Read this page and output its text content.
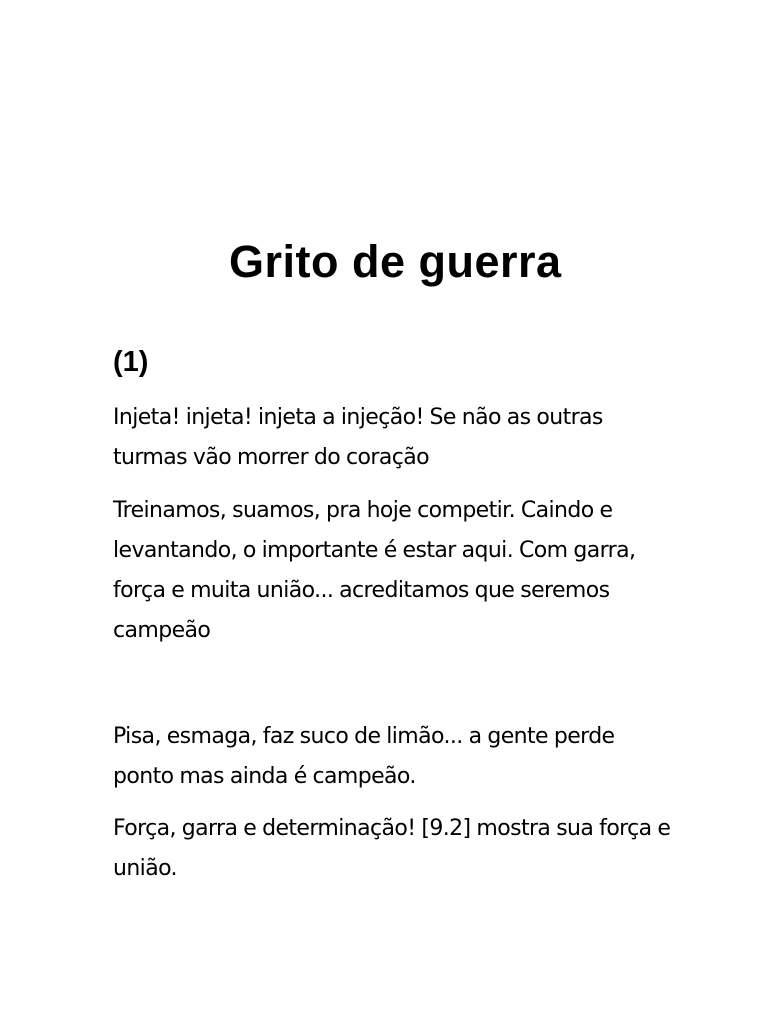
Grito de guerra
(1)

Injeta! injeta! injeta a injeção! Se não as outras turmas vão morrer do coração

Treinamos, suamos, pra hoje competir. Caindo e levantando, o importante é estar aqui. Com garra, força e muita união... acreditamos que seremos campeão

Pisa, esmaga, faz suco de limão... a gente perde ponto mas ainda é campeão.

Força, garra e determinação! [9.2] mostra sua força e união.
